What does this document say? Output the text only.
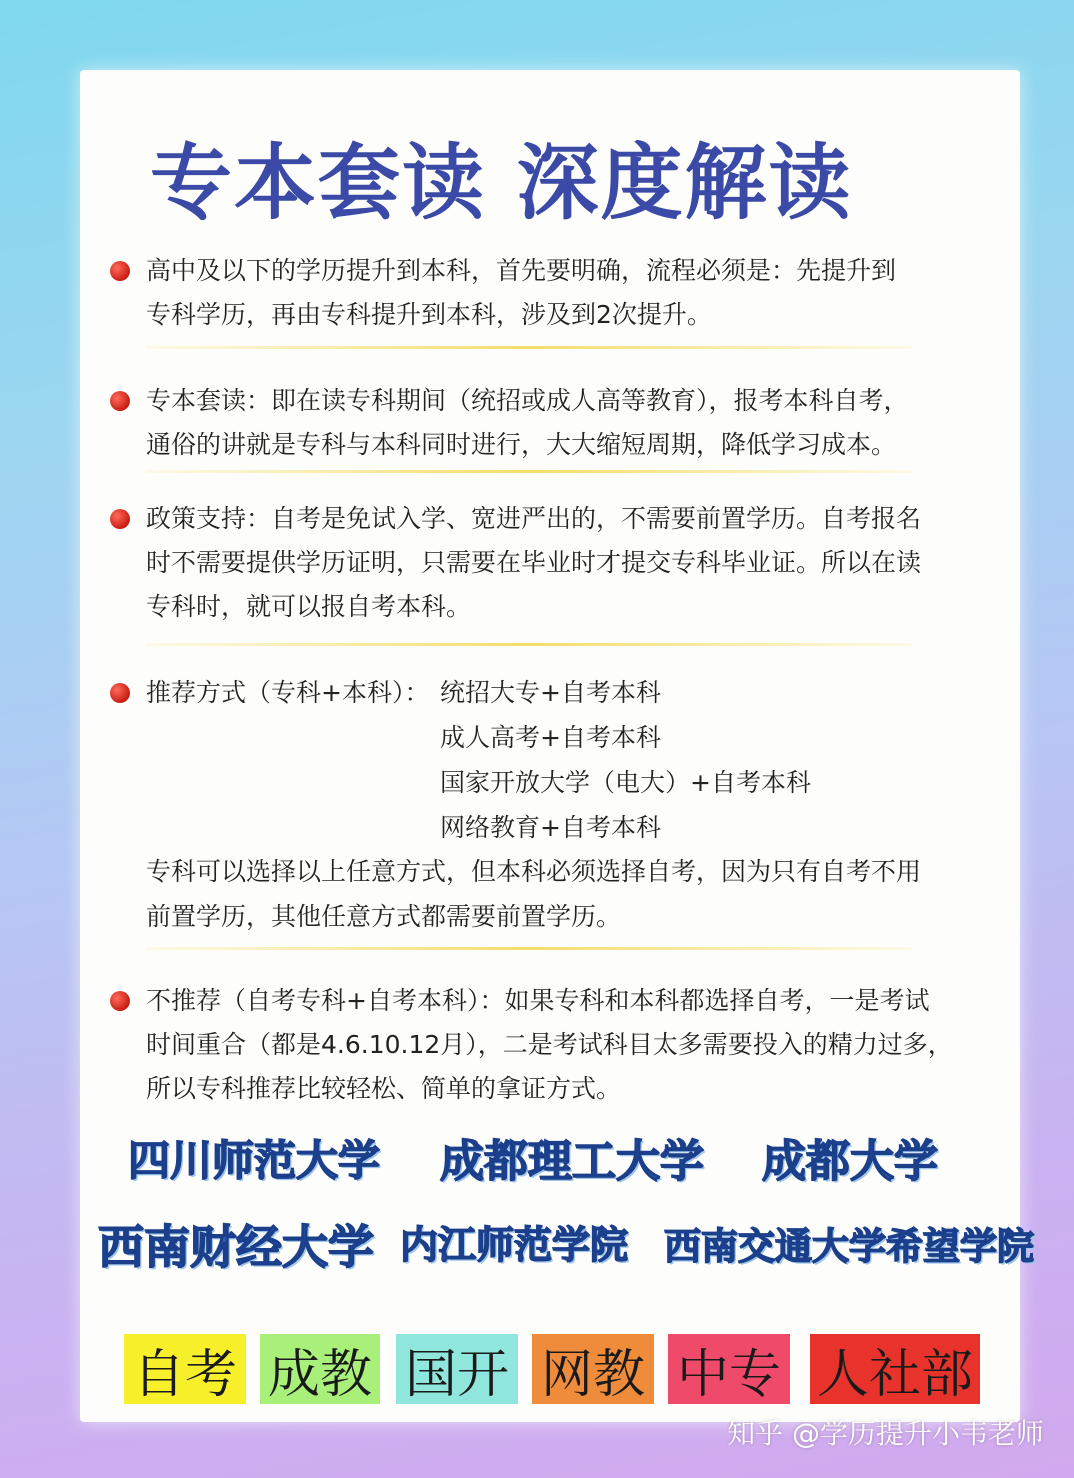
专本套读 深度解读
高中及以下的学历提升到本科，首先要明确，流程必须是：先提升到
专科学历，再由专科提升到本科，涉及到2次提升。
专本套读：即在读专科期间（统招或成人高等教育），报考本科自考，
通俗的讲就是专科与本科同时进行，大大缩短周期，降低学习成本。
政策支持：自考是免试入学、宽进严出的，不需要前置学历。自考报名
时不需要提供学历证明，只需要在毕业时才提交专科毕业证。所以在读
专科时，就可以报自考本科。
推荐方式（专科+本科）： 统招大专+自考本科
成人高考+自考本科
国家开放大学（电大）+自考本科
网络教育+自考本科
专科可以选择以上任意方式，但本科必须选择自考，因为只有自考不用
前置学历，其他任意方式都需要前置学历。
不推荐（自考专科+自考本科）：如果专科和本科都选择自考，一是考试
时间重合（都是4.6.10.12月），二是考试科目太多需要投入的精力过多，
所以专科推荐比较轻松、简单的拿证方式。
四川师范大学 成都理工大学 成都大学
西南财经大学 内江师范学院 西南交通大学希望学院
自考 成教 国开 网教 中专 人社部
知乎 @学历提升小韦老师
